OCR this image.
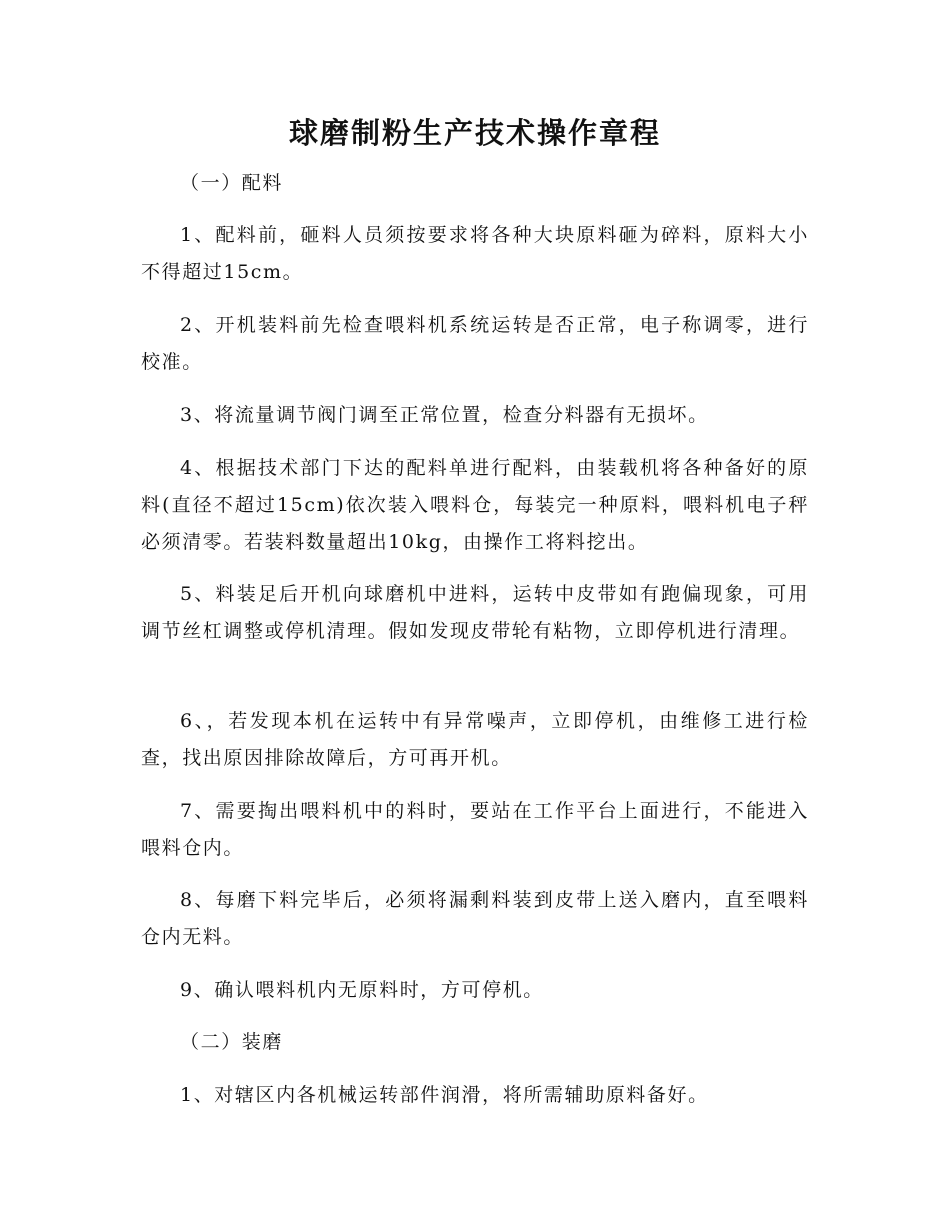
球磨制粉生产技术操作章程

（一）配料

1、配料前，砸料人员须按要求将各种大块原料砸为碎料，原料大小不得超过15cm。

2、开机装料前先检查喂料机系统运转是否正常，电子称调零，进行校准。

3、将流量调节阀门调至正常位置，检查分料器有无损坏。

4、根据技术部门下达的配料单进行配料，由装载机将各种备好的原料(直径不超过15cm)依次装入喂料仓，每装完一种原料，喂料机电子秤必须清零。若装料数量超出10kg，由操作工将料挖出。

5、料装足后开机向球磨机中进料，运转中皮带如有跑偏现象，可用调节丝杠调整或停机清理。假如发现皮带轮有粘物，立即停机进行清理。

6、，若发现本机在运转中有异常噪声，立即停机，由维修工进行检查，找出原因排除故障后，方可再开机。

7、需要掏出喂料机中的料时，要站在工作平台上面进行，不能进入喂料仓内。

8、每磨下料完毕后，必须将漏剩料装到皮带上送入磨内，直至喂料仓内无料。

9、确认喂料机内无原料时，方可停机。

（二）装磨

1、对辖区内各机械运转部件润滑，将所需辅助原料备好。
